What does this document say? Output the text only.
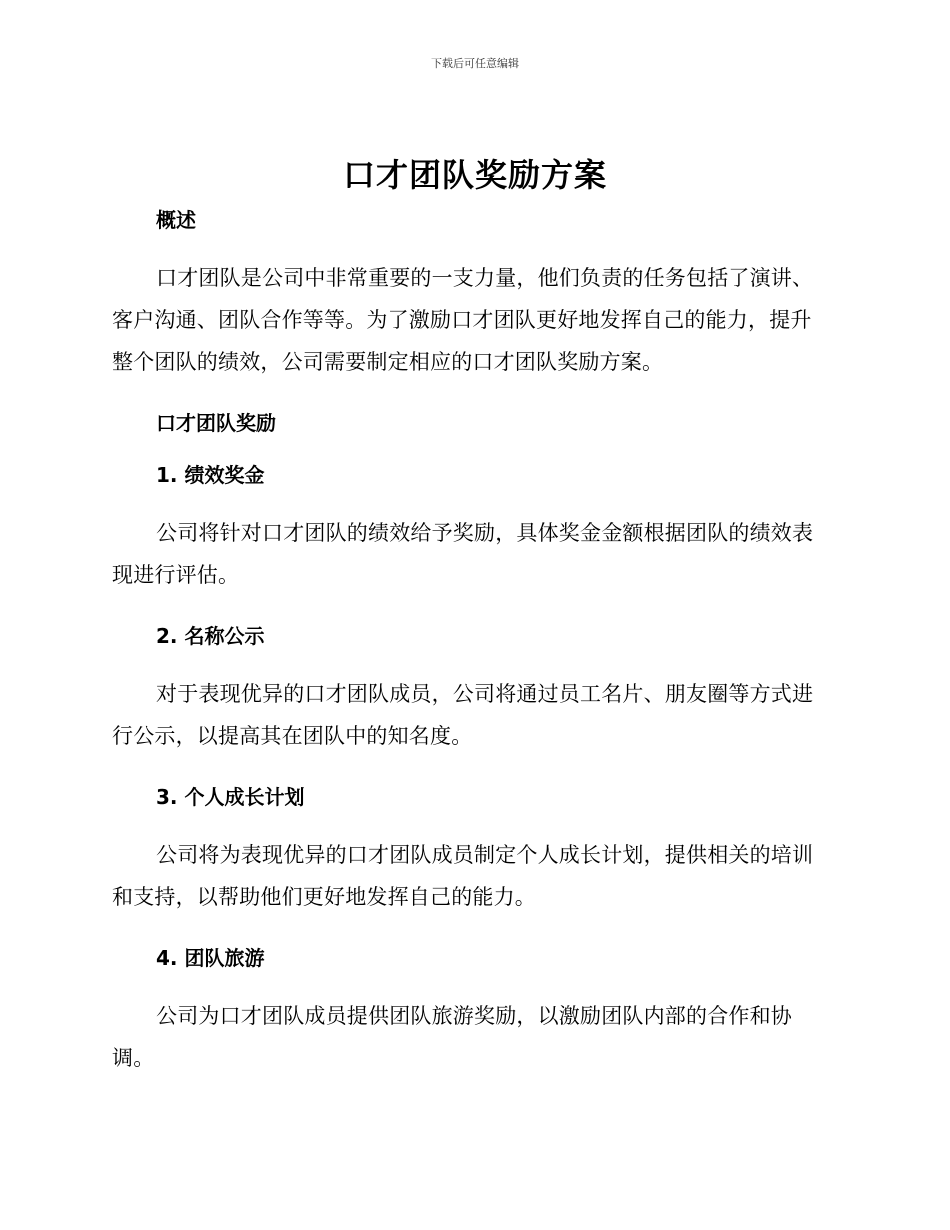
下载后可任意编辑
口才团队奖励方案

概述

口才团队是公司中非常重要的一支力量，他们负责的任务包括了演讲、客户沟通、团队合作等等。为了激励口才团队更好地发挥自己的能力，提升整个团队的绩效，公司需要制定相应的口才团队奖励方案。

口才团队奖励

1. 绩效奖金

公司将针对口才团队的绩效给予奖励，具体奖金金额根据团队的绩效表现进行评估。

2. 名称公示

对于表现优异的口才团队成员，公司将通过员工名片、朋友圈等方式进行公示，以提高其在团队中的知名度。

3. 个人成长计划

公司将为表现优异的口才团队成员制定个人成长计划，提供相关的培训和支持，以帮助他们更好地发挥自己的能力。

4. 团队旅游

公司为口才团队成员提供团队旅游奖励，以激励团队内部的合作和协调。
